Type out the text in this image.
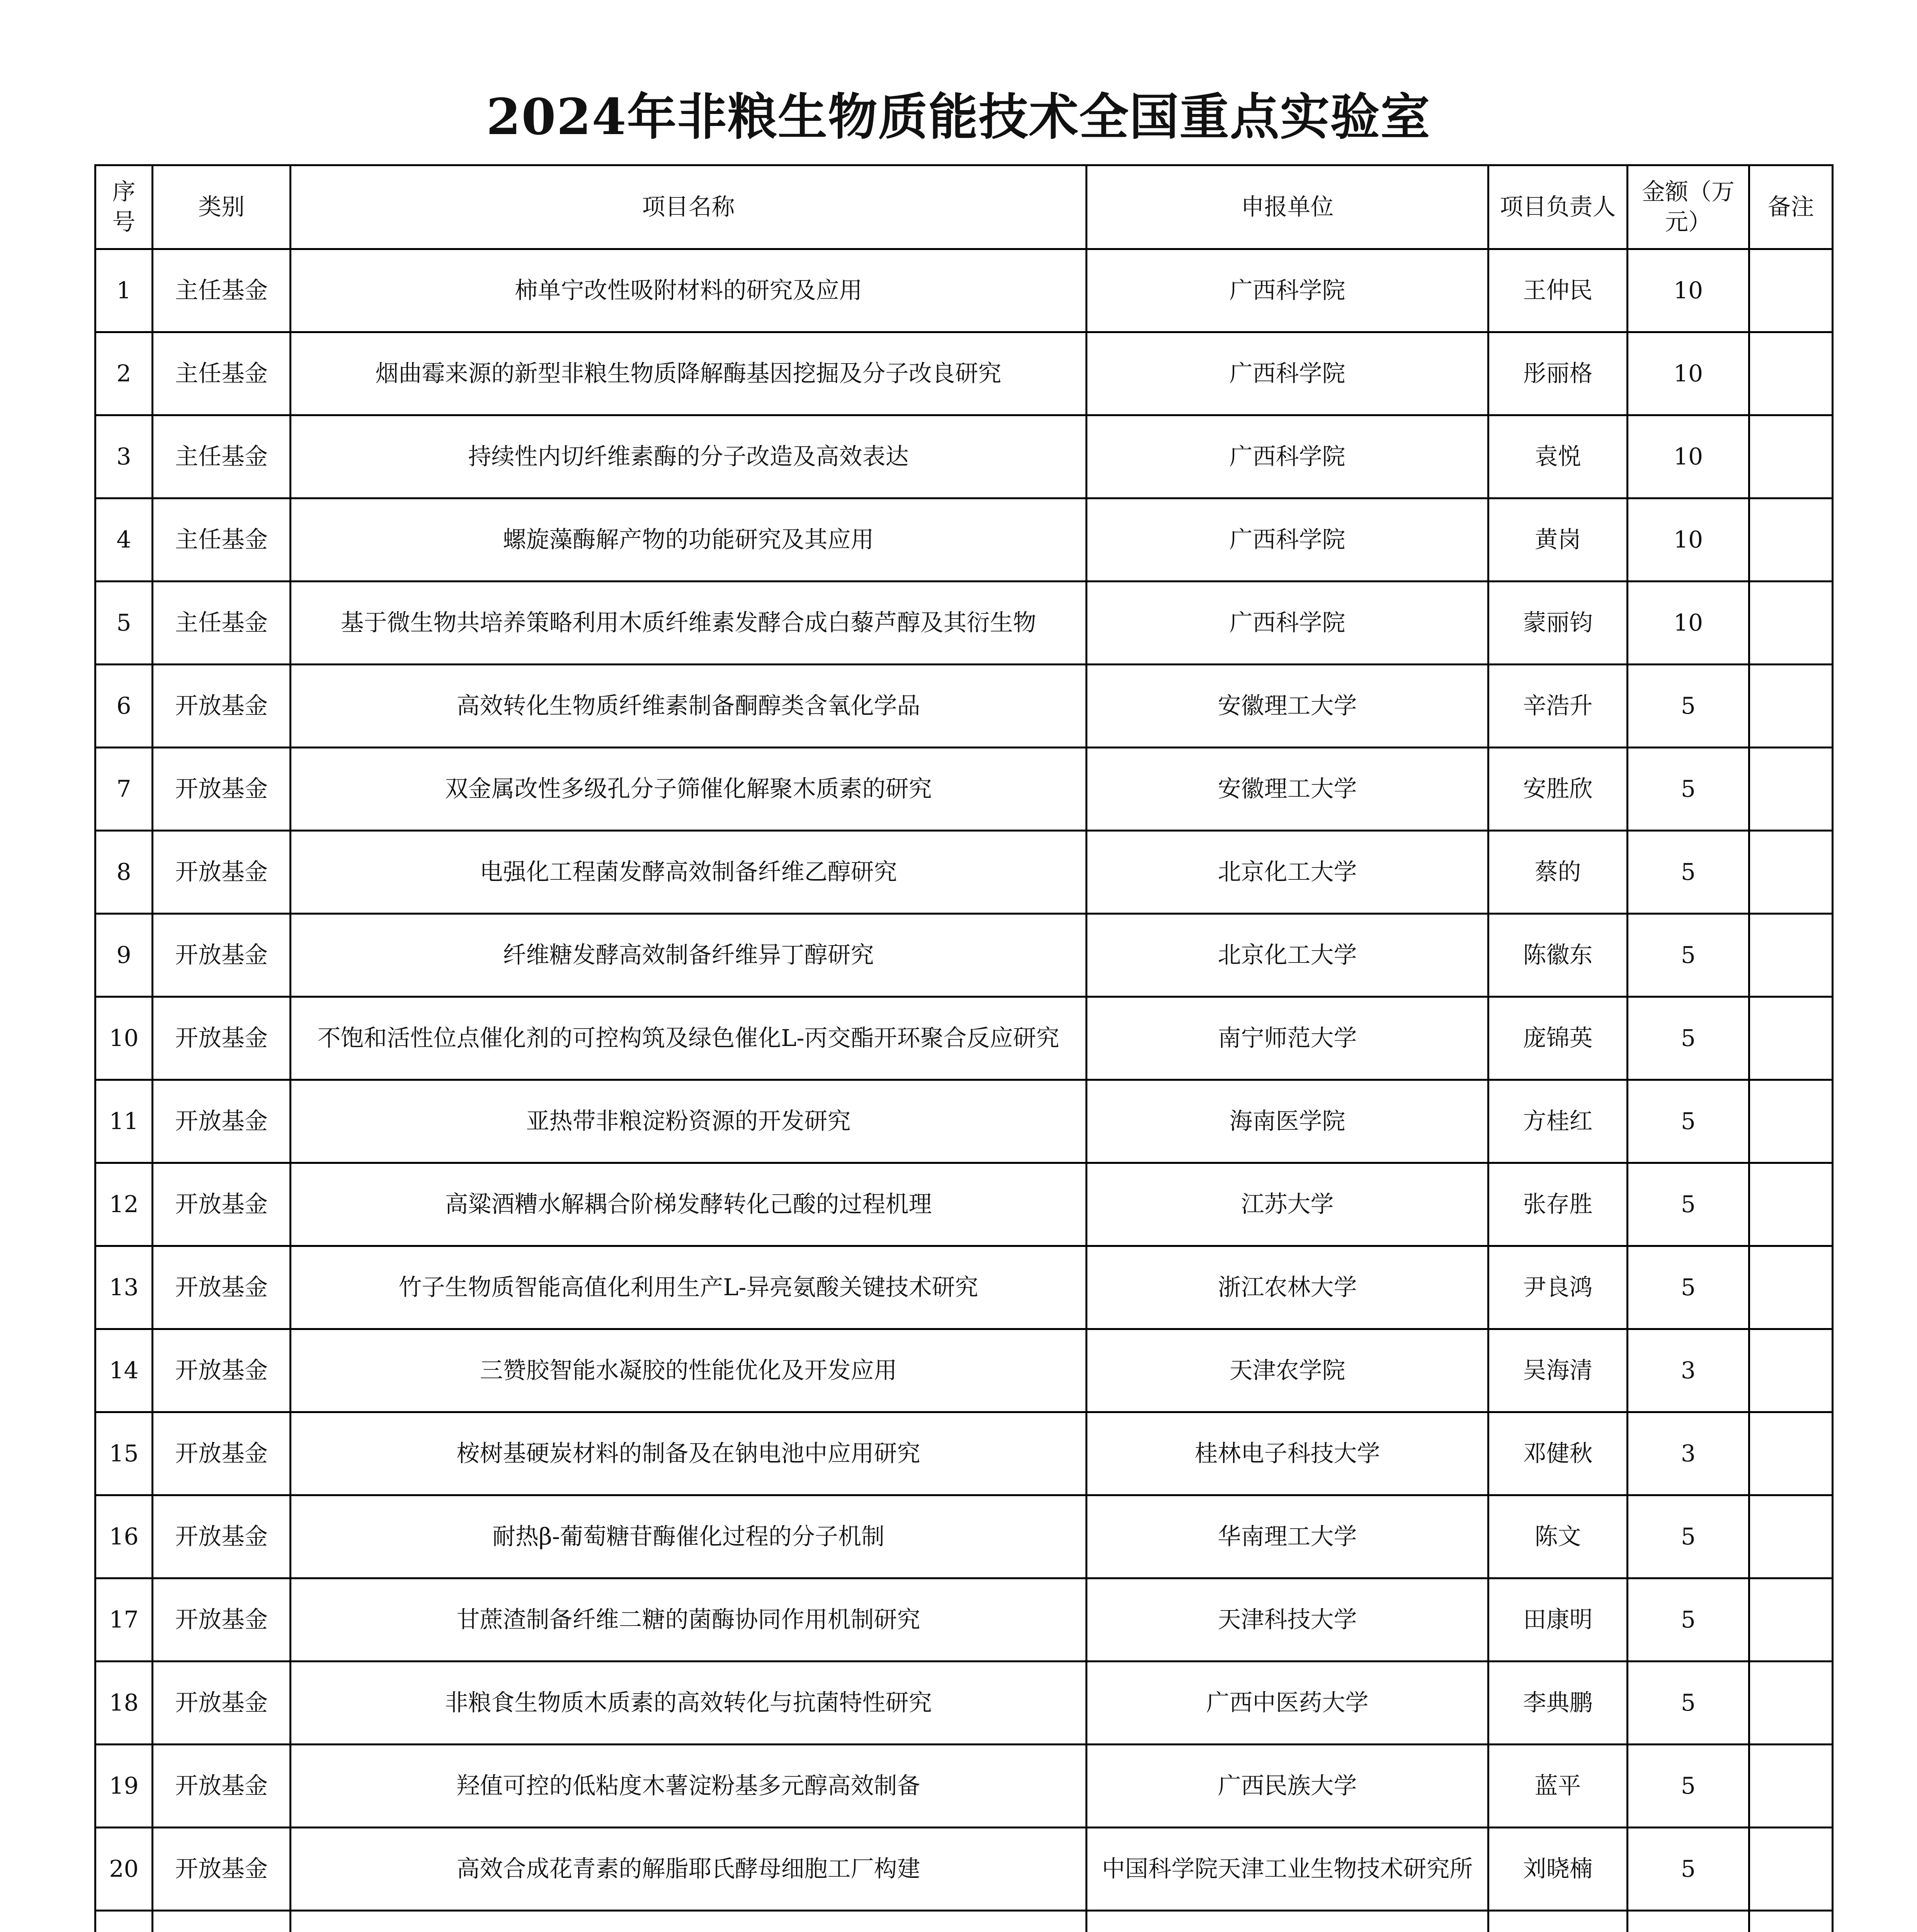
2024年非粮生物质能技术全国重点实验室
序号	类别	项目名称	申报单位	项目负责人	金额（万元）	备注
1	主任基金	柿单宁改性吸附材料的研究及应用	广西科学院	王仲民	10	
2	主任基金	烟曲霉来源的新型非粮生物质降解酶基因挖掘及分子改良研究	广西科学院	彤丽格	10	
3	主任基金	持续性内切纤维素酶的分子改造及高效表达	广西科学院	袁悦	10	
4	主任基金	螺旋藻酶解产物的功能研究及其应用	广西科学院	黄岗	10	
5	主任基金	基于微生物共培养策略利用木质纤维素发酵合成白藜芦醇及其衍生物	广西科学院	蒙丽钧	10	
6	开放基金	高效转化生物质纤维素制备酮醇类含氧化学品	安徽理工大学	辛浩升	5	
7	开放基金	双金属改性多级孔分子筛催化解聚木质素的研究	安徽理工大学	安胜欣	5	
8	开放基金	电强化工程菌发酵高效制备纤维乙醇研究	北京化工大学	蔡的	5	
9	开放基金	纤维糖发酵高效制备纤维异丁醇研究	北京化工大学	陈徽东	5	
10	开放基金	不饱和活性位点催化剂的可控构筑及绿色催化L-丙交酯开环聚合反应研究	南宁师范大学	庞锦英	5	
11	开放基金	亚热带非粮淀粉资源的开发研究	海南医学院	方桂红	5	
12	开放基金	高粱酒糟水解耦合阶梯发酵转化己酸的过程机理	江苏大学	张存胜	5	
13	开放基金	竹子生物质智能高值化利用生产L-异亮氨酸关键技术研究	浙江农林大学	尹良鸿	5	
14	开放基金	三赞胶智能水凝胶的性能优化及开发应用	天津农学院	吴海清	3	
15	开放基金	桉树基硬炭材料的制备及在钠电池中应用研究	桂林电子科技大学	邓健秋	3	
16	开放基金	耐热β-葡萄糖苷酶催化过程的分子机制	华南理工大学	陈文	5	
17	开放基金	甘蔗渣制备纤维二糖的菌酶协同作用机制研究	天津科技大学	田康明	5	
18	开放基金	非粮食生物质木质素的高效转化与抗菌特性研究	广西中医药大学	李典鹏	5	
19	开放基金	羟值可控的低粘度木薯淀粉基多元醇高效制备	广西民族大学	蓝平	5	
20	开放基金	高效合成花青素的解脂耶氏酵母细胞工厂构建	中国科学院天津工业生物技术研究所	刘晓楠	5	
